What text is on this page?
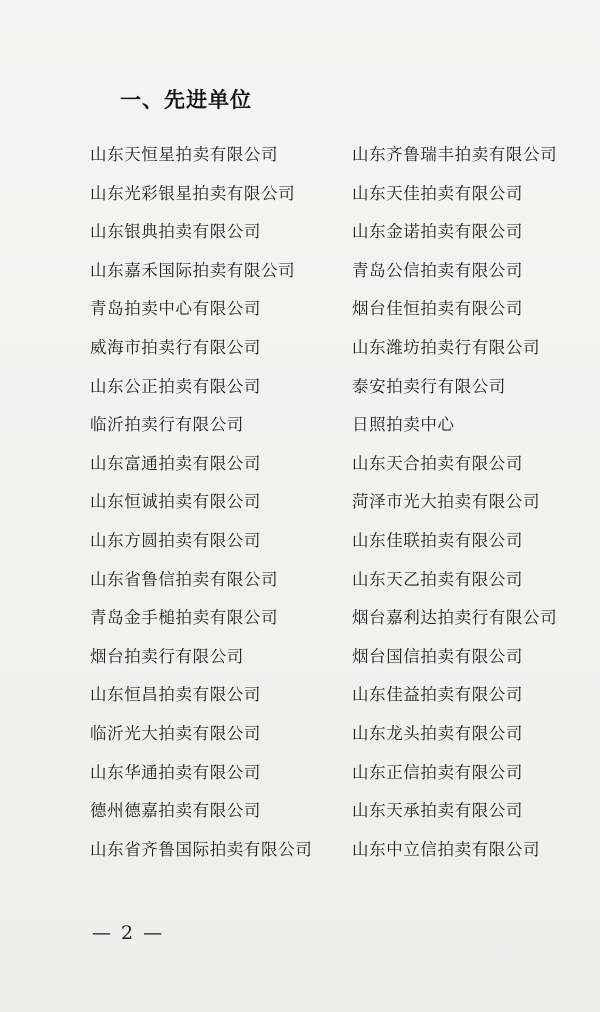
一、先进单位
山东天恒星拍卖有限公司
山东光彩银星拍卖有限公司
山东银典拍卖有限公司
山东嘉禾国际拍卖有限公司
青岛拍卖中心有限公司
威海市拍卖行有限公司
山东公正拍卖有限公司
临沂拍卖行有限公司
山东富通拍卖有限公司
山东恒诚拍卖有限公司
山东方圆拍卖有限公司
山东省鲁信拍卖有限公司
青岛金手槌拍卖有限公司
烟台拍卖行有限公司
山东恒昌拍卖有限公司
临沂光大拍卖有限公司
山东华通拍卖有限公司
德州德嘉拍卖有限公司
山东省齐鲁国际拍卖有限公司
山东齐鲁瑞丰拍卖有限公司
山东天佳拍卖有限公司
山东金诺拍卖有限公司
青岛公信拍卖有限公司
烟台佳恒拍卖有限公司
山东潍坊拍卖行有限公司
泰安拍卖行有限公司
日照拍卖中心
山东天合拍卖有限公司
菏泽市光大拍卖有限公司
山东佳联拍卖有限公司
山东天乙拍卖有限公司
烟台嘉利达拍卖行有限公司
烟台国信拍卖有限公司
山东佳益拍卖有限公司
山东龙头拍卖有限公司
山东正信拍卖有限公司
山东天承拍卖有限公司
山东中立信拍卖有限公司
— 2 —
